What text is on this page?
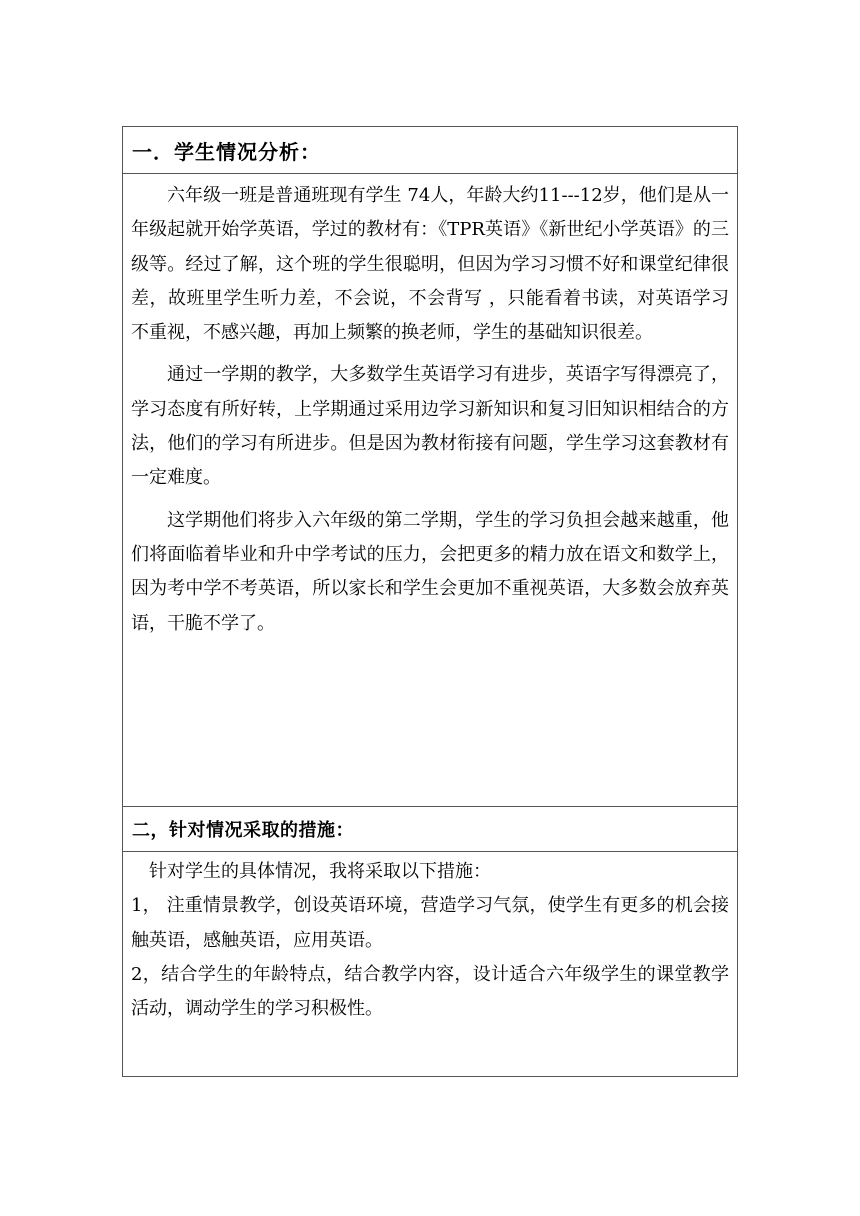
一．学生情况分析：

六年级一班是普通班现有学生 74人，年龄大约11---12岁，他们是从一年级起就开始学英语，学过的教材有：《TPR英语》《新世纪小学英语》的三级等。经过了解，这个班的学生很聪明，但因为学习习惯不好和课堂纪律很差，故班里学生听力差，不会说，不会背写 ，只能看着书读，对英语学习不重视，不感兴趣，再加上频繁的换老师，学生的基础知识很差。

通过一学期的教学，大多数学生英语学习有进步，英语字写得漂亮了，学习态度有所好转，上学期通过采用边学习新知识和复习旧知识相结合的方法，他们的学习有所进步。但是因为教材衔接有问题，学生学习这套教材有一定难度。

这学期他们将步入六年级的第二学期，学生的学习负担会越来越重，他们将面临着毕业和升中学考试的压力，会把更多的精力放在语文和数学上，因为考中学不考英语，所以家长和学生会更加不重视英语，大多数会放弃英语，干脆不学了。

二，针对情况采取的措施：

针对学生的具体情况，我将采取以下措施：

1， 注重情景教学，创设英语环境，营造学习气氛，使学生有更多的机会接触英语，感触英语，应用英语。

2，结合学生的年龄特点，结合教学内容，设计适合六年级学生的课堂教学活动，调动学生的学习积极性。
